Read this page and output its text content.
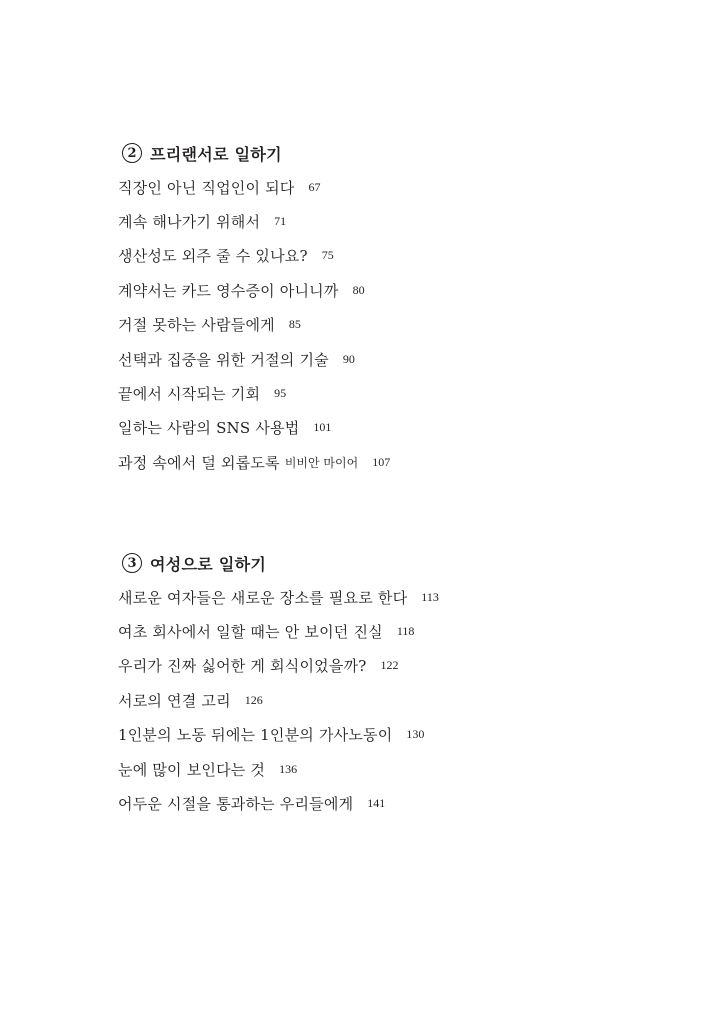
2 프리랜서로 일하기
직장인 아닌 직업인이 되다 67
계속 해나가기 위해서 71
생산성도 외주 줄 수 있나요? 75
계약서는 카드 영수증이 아니니까 80
거절 못하는 사람들에게 85
선택과 집중을 위한 거절의 기술 90
끝에서 시작되는 기회 95
일하는 사람의 SNS 사용법 101
과정 속에서 덜 외롭도록 비비안 마이어 107
3 여성으로 일하기
새로운 여자들은 새로운 장소를 필요로 한다 113
여초 회사에서 일할 때는 안 보이던 진실 118
우리가 진짜 싫어한 게 회식이었을까? 122
서로의 연결 고리 126
1인분의 노동 뒤에는 1인분의 가사노동이 130
눈에 많이 보인다는 것 136
어두운 시절을 통과하는 우리들에게 141
